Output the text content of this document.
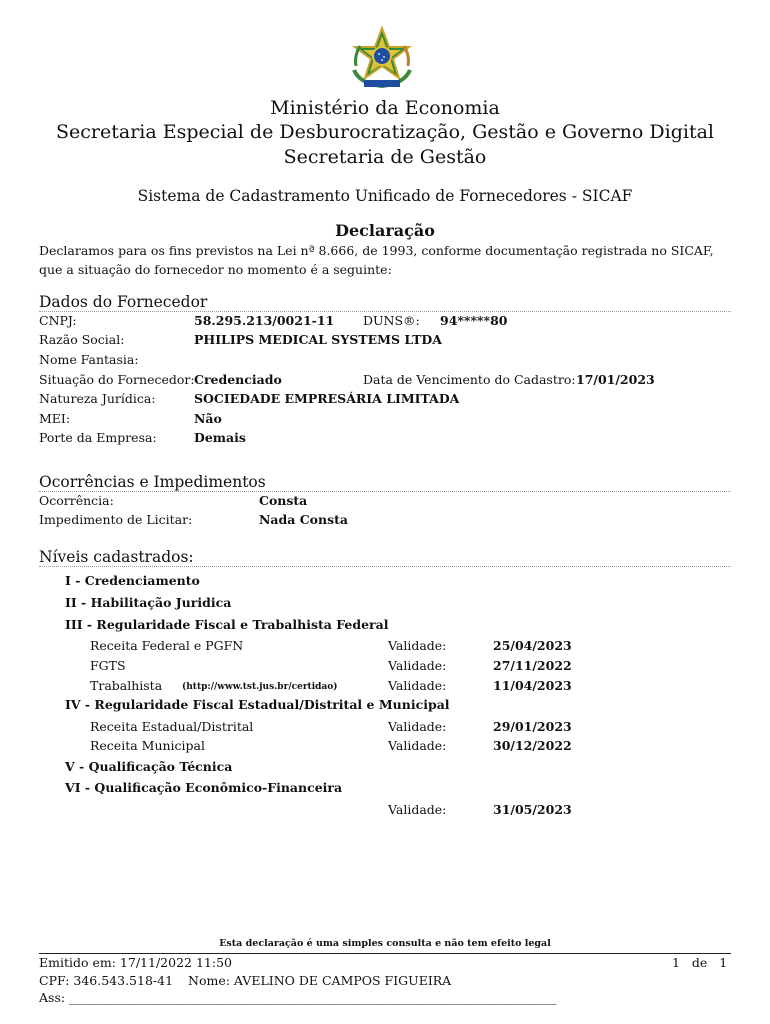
Ministério da Economia
Secretaria Especial de Desburocratização, Gestão e Governo Digital
Secretaria de Gestão
Sistema de Cadastramento Unificado de Fornecedores - SICAF
Declaração
Declaramos para os fins previstos na Lei nª 8.666, de 1993, conforme documentação registrada no SICAF, que a situação do fornecedor no momento é a seguinte:
Dados do Fornecedor
CNPJ:	58.295.213/0021-11 DUNS®: 94*****80
Razão Social:	PHILIPS MEDICAL SYSTEMS LTDA
Nome Fantasia:
Situação do Fornecedor: Credenciado	Data de Vencimento do Cadastro: 17/01/2023
Natureza Jurídica:	SOCIEDADE EMPRESÁRIA LIMITADA
MEI:	Não
Porte da Empresa:	Demais
Ocorrências e Impedimentos
Ocorrência:	Consta
Impedimento de Licitar:	Nada Consta
Níveis cadastrados:
I - Credenciamento
II - Habilitação Juridica
III - Regularidade Fiscal e Trabalhista Federal
Receita Federal e PGFN	Validade:	25/04/2023
FGTS	Validade:	27/11/2022
Trabalhista (http://www.tst.jus.br/certidao)	Validade:	11/04/2023
IV - Regularidade Fiscal Estadual/Distrital e Municipal
Receita Estadual/Distrital	Validade:	29/01/2023
Receita Municipal	Validade:	30/12/2022
V - Qualificação Técnica
VI - Qualificação Econômico-Financeira
Validade:	31/05/2023
Esta declaração é uma simples consulta e não tem efeito legal
Emitido em: 17/11/2022 11:50	1   de   1
CPF: 346.543.518-41 Nome: AVELINO DE CAMPOS FIGUEIRA
Ass: ______________________________________________________________________________
